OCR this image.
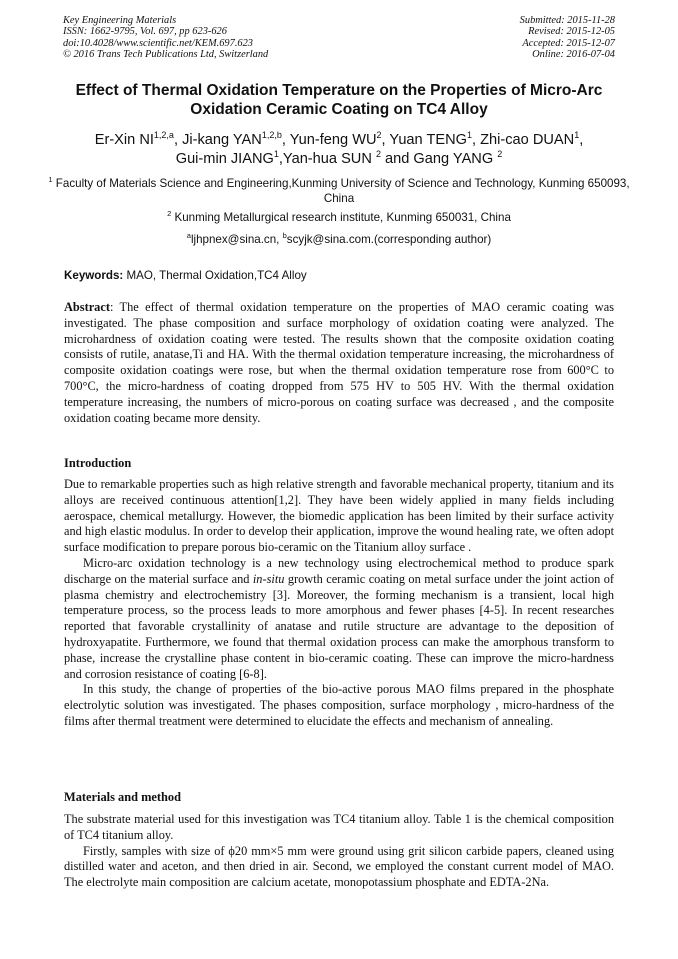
Key Engineering Materials
ISSN: 1662-9795, Vol. 697, pp 623-626
doi:10.4028/www.scientific.net/KEM.697.623
© 2016 Trans Tech Publications Ltd, Switzerland
Submitted: 2015-11-28
Revised: 2015-12-05
Accepted: 2015-12-07
Online: 2016-07-04
Effect of Thermal Oxidation Temperature on the Properties of Micro-Arc Oxidation Ceramic Coating on TC4 Alloy
Er-Xin NI$^{1,2,a}$, Ji-kang YAN$^{1,2,b}$, Yun-feng $WU^2$, Yuan TENG$^1$, Zhi-cao DUAN$^1$,
Gui-min JIANG$^1$,Yan-hua SUN $^2$ and Gang YANG $^2$
$^1$ Faculty of Materials Science and Engineering,Kunming University of Science and Technology, Kunming 650093, China
$^2$ Kunming Metallurgical research institute, Kunming 650031, China
$^a$ljhpnex@sina.cn, $^b$scyjk@sina.com.(corresponding author)
Keywords: MAO, Thermal Oxidation,TC4 Alloy

Abstract: The effect of thermal oxidation temperature on the properties of MAO ceramic coating was investigated. The phase composition and surface morphology of oxidation coating were analyzed. The microhardness of oxidation coating were tested. The results shown that the composite oxidation coating consists of rutile, anatase,Ti and HA. With the thermal oxidation temperature increasing, the microhardness of composite oxidation coatings were rose, but when the thermal oxidation temperature rose from 600°C to 700°C, the micro-hardness of coating dropped from 575 HV to 505 HV. With the thermal oxidation temperature increasing, the numbers of micro-porous on coating surface was decreased , and the composite oxidation coating became more density.

Introduction

Due to remarkable properties such as high relative strength and favorable mechanical property, titanium and its alloys are received continuous attention[1,2]. They have been widely applied in many fields including aerospace, chemical metallurgy. However, the biomedic application has been limited by their surface activity and high elastic modulus. In order to develop their application, improve the wound healing rate, we often adopt surface modification to prepare porous bio-ceramic on the Titanium alloy surface .

Micro-arc oxidation technology is a new technology using electrochemical method to produce spark discharge on the material surface and in-situ growth ceramic coating on metal surface under the joint action of plasma chemistry and electrochemistry [3]. Moreover, the forming mechanism is a transient, local high temperature process, so the process leads to more amorphous and fewer phases [4-5]. In recent researches reported that favorable crystallinity of anatase and rutile structure are advantage to the deposition of hydroxyapatite. Furthermore, we found that thermal oxidation process can make the amorphous transform to phase, increase the crystalline phase content in bio-ceramic coating. These can improve the micro-hardness and corrosion resistance of coating [6-8].

In this study, the change of properties of the bio-active porous MAO films prepared in the phosphate electrolytic solution was investigated. The phases composition, surface morphology , micro-hardness of the films after thermal treatment were determined to elucidate the effects and mechanism of annealing.

Materials and method

The substrate material used for this investigation was TC4 titanium alloy. Table 1 is the chemical composition of TC4 titanium alloy.

Firstly, samples with size of ϕ20 mm×5 mm were ground using grit silicon carbide papers, cleaned using distilled water and aceton, and then dried in air. Second, we employed the constant current model of MAO. The electrolyte main composition are calcium acetate, monopotassium phosphate and EDTA-2Na.
